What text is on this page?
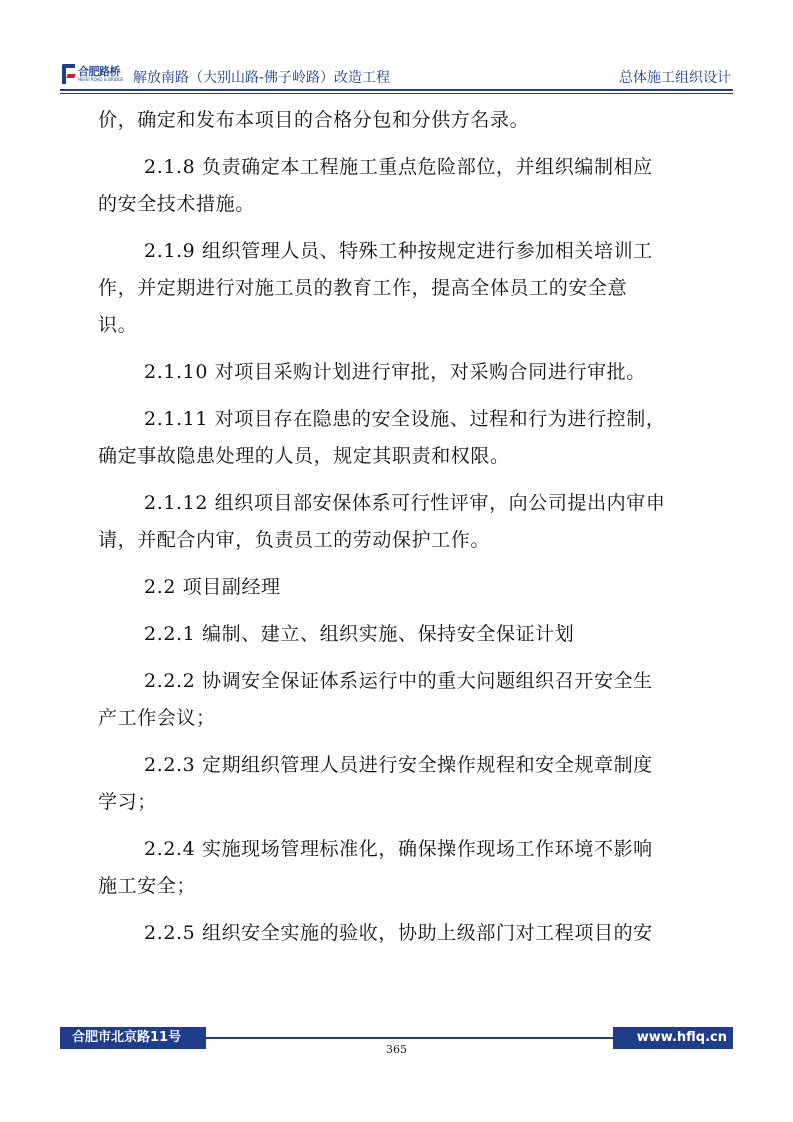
合肥路桥
HEFEI ROAD & BRIDGE 解放南路（大别山路-佛子岭路）改造工程	总体施工组织设计
价，确定和发布本项目的合格分包和分供方名录。
2.1.8 负责确定本工程施工重点危险部位，并组织编制相应
的安全技术措施。
2.1.9 组织管理人员、特殊工种按规定进行参加相关培训工
作，并定期进行对施工员的教育工作，提高全体员工的安全意
识。
2.1.10 对项目采购计划进行审批，对采购合同进行审批。
2.1.11 对项目存在隐患的安全设施、过程和行为进行控制，
确定事故隐患处理的人员，规定其职责和权限。
2.1.12 组织项目部安保体系可行性评审，向公司提出内审申
请，并配合内审，负责员工的劳动保护工作。
2.2 项目副经理
2.2.1 编制、建立、组织实施、保持安全保证计划
2.2.2 协调安全保证体系运行中的重大问题组织召开安全生
产工作会议；
2.2.3 定期组织管理人员进行安全操作规程和安全规章制度
学习；
2.2.4 实施现场管理标准化，确保操作现场工作环境不影响
施工安全；
2.2.5 组织安全实施的验收，协助上级部门对工程项目的安
合肥市北京路11号	www.hflq.cn
365
